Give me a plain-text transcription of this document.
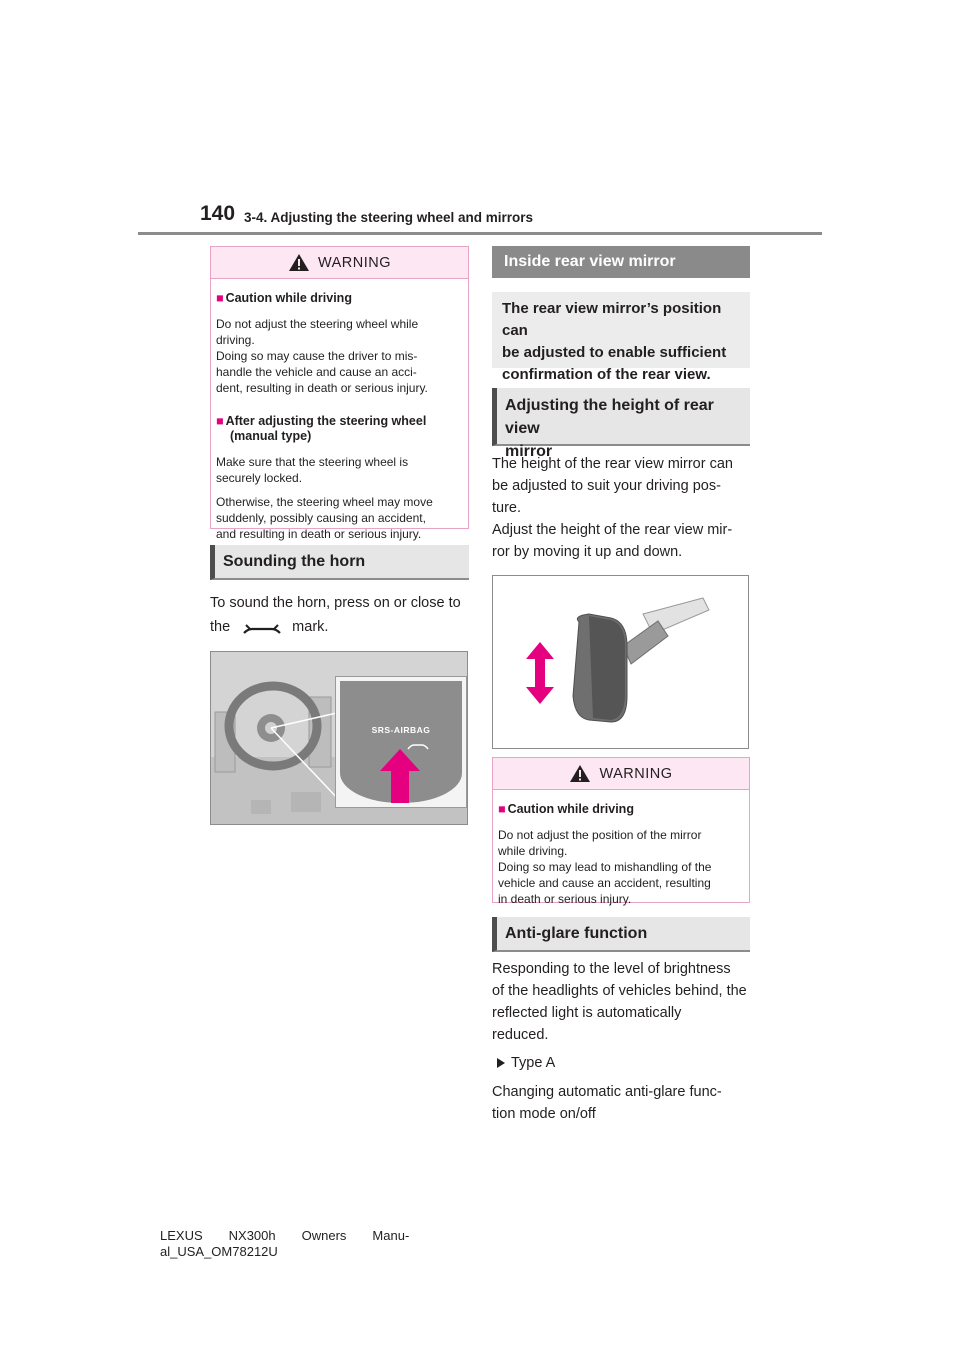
140 3-4. Adjusting the steering wheel and mirrors
WARNING
■ Caution while driving
Do not adjust the steering wheel while
driving.
Doing so may cause the driver to mis-
handle the vehicle and cause an acci-
dent, resulting in death or serious injury.
■ After adjusting the steering wheel
(manual type)
Make sure that the steering wheel is
securely locked.
Otherwise, the steering wheel may move
suddenly, possibly causing an accident,
and resulting in death or serious injury.
Sounding the horn
To sound the horn, press on or close to
the	mark.
SRS-AIRBAG
Inside rear view mirror
The rear view mirror’s position can
be adjusted to enable sufficient
confirmation of the rear view.
Adjusting the height of rear view
mirror
The height of the rear view mirror can
be adjusted to suit your driving pos-
ture.
Adjust the height of the rear view mir-
ror by moving it up and down.
WARNING
■ Caution while driving
Do not adjust the position of the mirror
while driving.
Doing so may lead to mishandling of the
vehicle and cause an accident, resulting
in death or serious injury.
Anti-glare function
Responding to the level of brightness
of the headlights of vehicles behind, the
reflected light is automatically
reduced.
Type A
Changing automatic anti-glare func-
tion mode on/off
LEXUS NX300h Owners Manu-
al_USA_OM78212U
